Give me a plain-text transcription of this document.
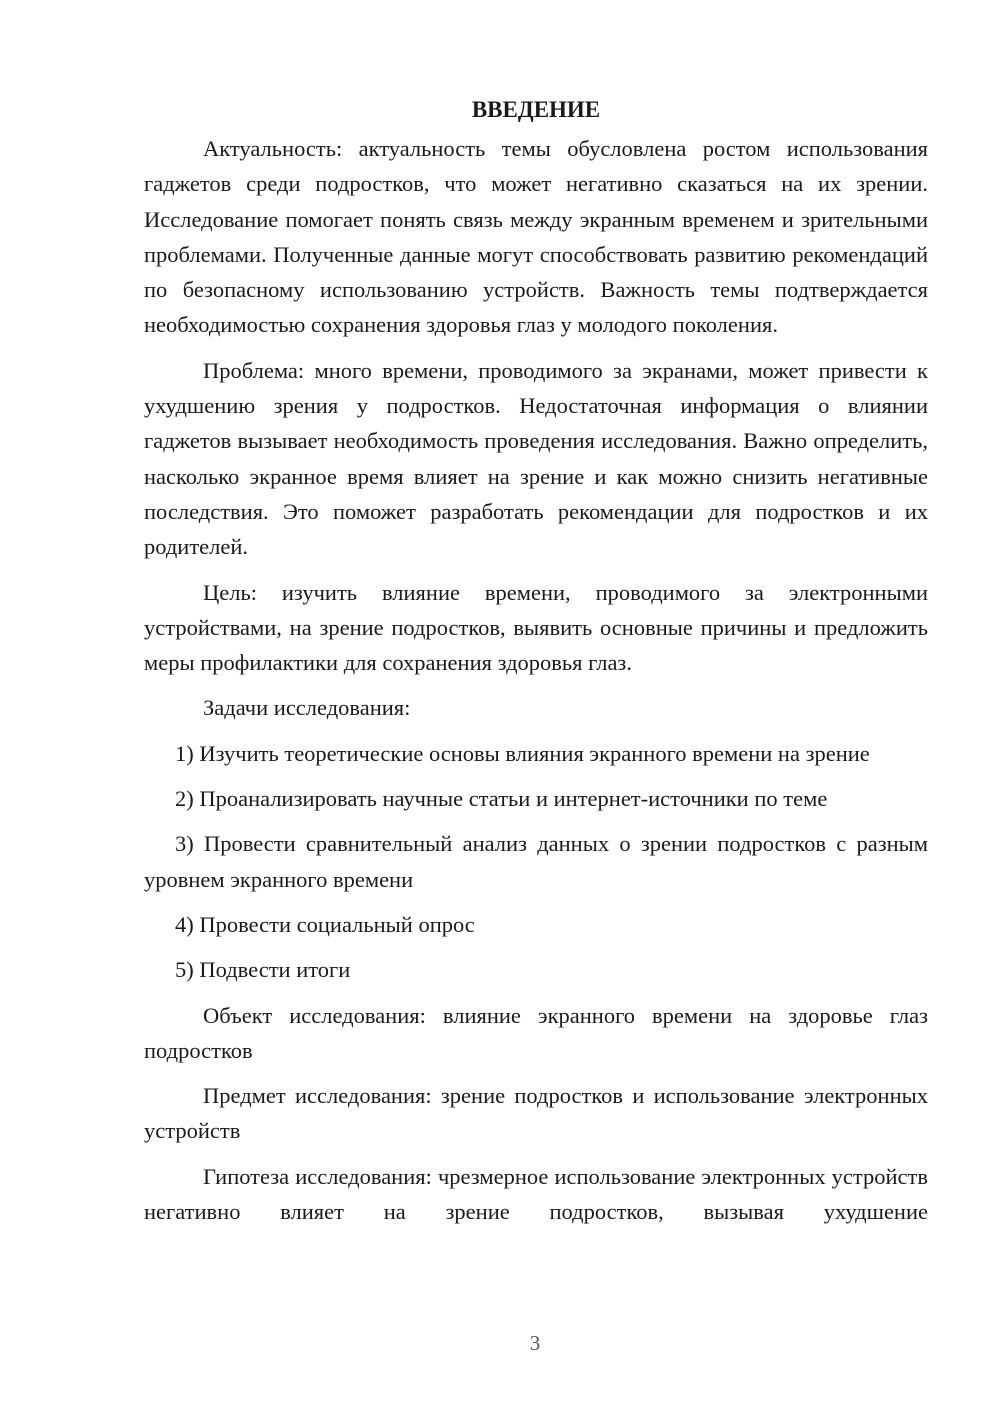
ВВЕДЕНИЕ

Актуальность: актуальность темы обусловлена ростом использования гаджетов среди подростков, что может негативно сказаться на их зрении. Исследование помогает понять связь между экранным временем и зрительными проблемами. Полученные данные могут способствовать развитию рекомендаций по безопасному использованию устройств. Важность темы подтверждается необходимостью сохранения здоровья глаз у молодого поколения.

Проблема: много времени, проводимого за экранами, может привести к ухудшению зрения у подростков. Недостаточная информация о влиянии гаджетов вызывает необходимость проведения исследования. Важно определить, насколько экранное время влияет на зрение и как можно снизить негативные последствия. Это поможет разработать рекомендации для подростков и их родителей.

Цель: изучить влияние времени, проводимого за электронными устройствами, на зрение подростков, выявить основные причины и предложить меры профилактики для сохранения здоровья глаз.

Задачи исследования:

1) Изучить теоретические основы влияния экранного времени на зрение

2) Проанализировать научные статьи и интернет-источники по теме

3) Провести сравнительный анализ данных о зрении подростков с разным уровнем экранного времени

4) Провести социальный опрос

5) Подвести итоги

Объект исследования: влияние экранного времени на здоровье глаз подростков

Предмет исследования: зрение подростков и использование электронных устройств

Гипотеза исследования: чрезмерное использование электронных устройств негативно влияет на зрение подростков, вызывая ухудшение

3
